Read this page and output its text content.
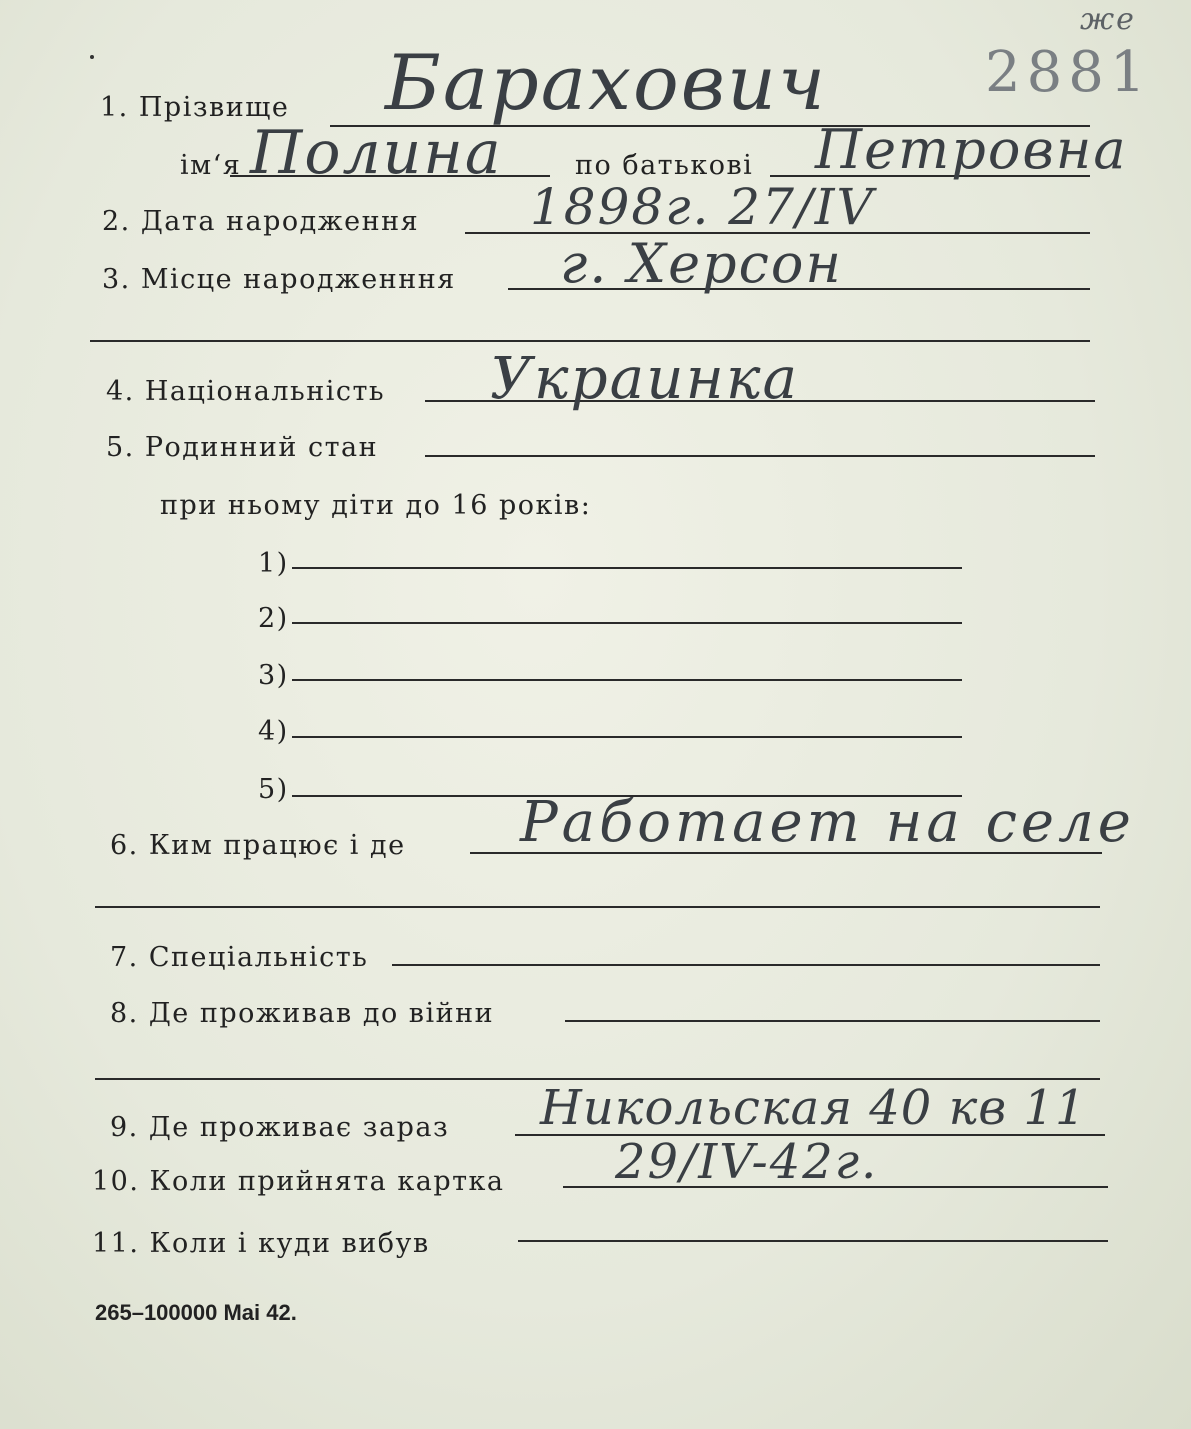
2881
же
1. Прізвище Барахович
ім‘я Полина	по батькові Петровна
2. Дата народження 1898г. 27/IV
3. Місце народженння г. Херсон
4. Національність Украинка
5. Родинний стан
при ньому діти до 16 років:
1)
2)
3)
4)
5)
6. Ким працює і де Работает на селе
7. Спеціальність
8. Де проживав до війни
9. Де проживає зараз Никольская 40 кв 11
10. Коли прийнята картка 29/IV-42г.
11. Коли і куди вибув
265–100000 Mai 42.
